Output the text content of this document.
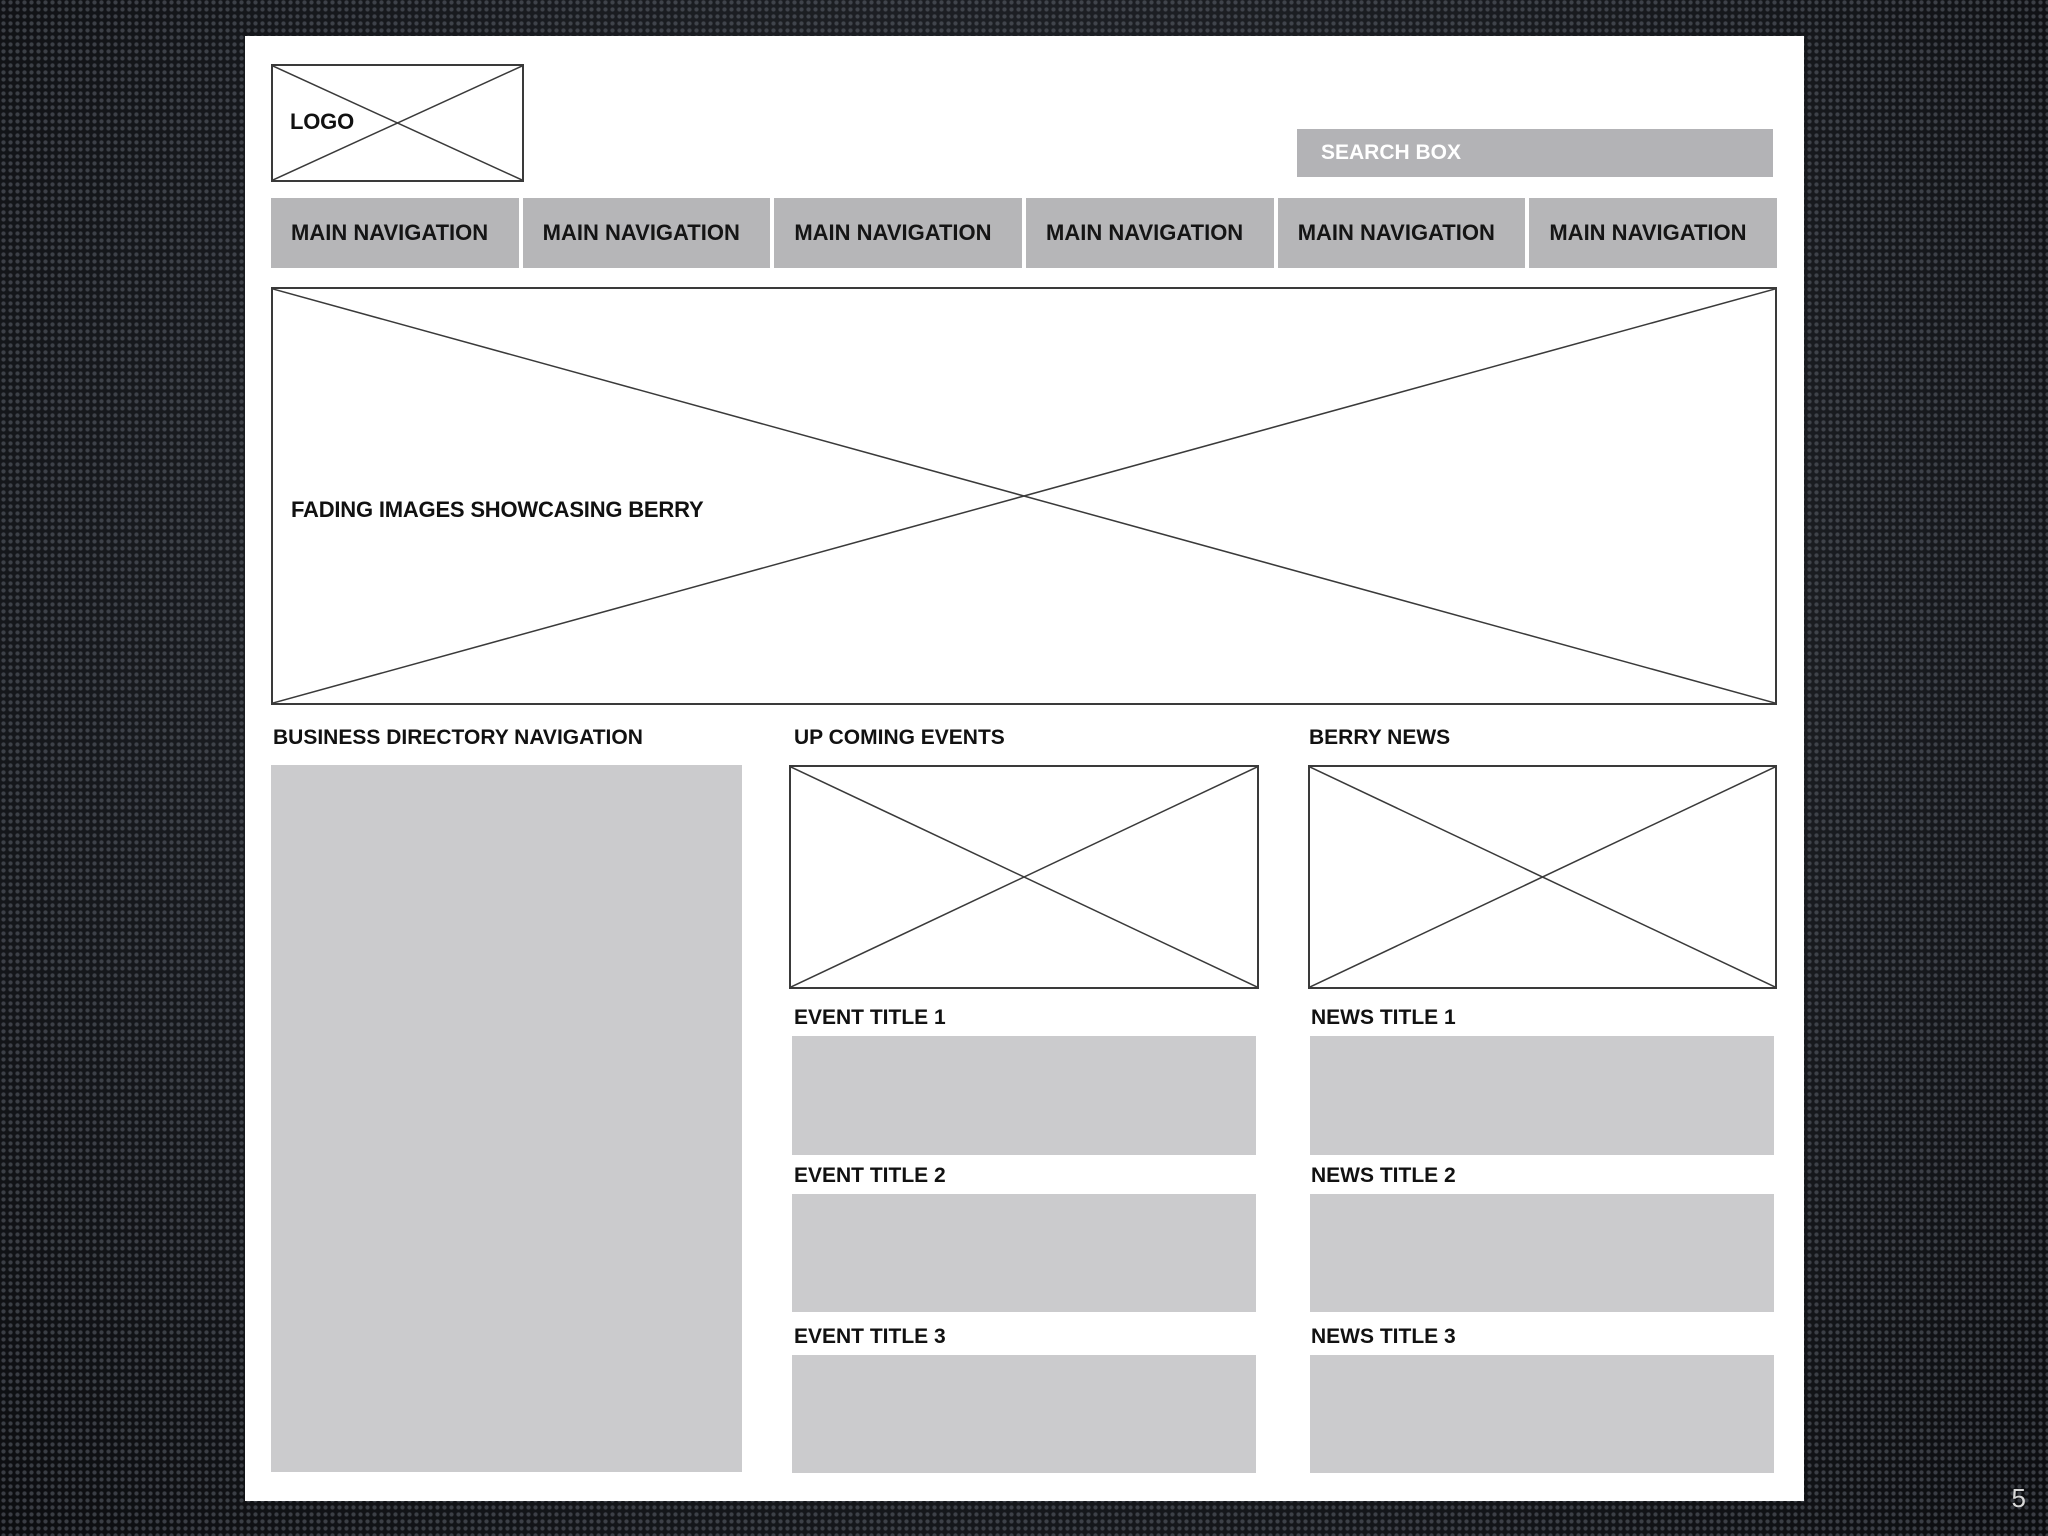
LOGO
SEARCH BOX
MAIN NAVIGATION	MAIN NAVIGATION	MAIN NAVIGATION	MAIN NAVIGATION	MAIN NAVIGATION	MAIN NAVIGATION
FADING IMAGES SHOWCASING BERRY
BUSINESS DIRECTORY NAVIGATION	UP COMING EVENTS
EVENT TITLE 1
EVENT TITLE 2
EVENT TITLE 3
BERRY NEWS
NEWS TITLE 1
NEWS TITLE 2
NEWS TITLE 3
5
